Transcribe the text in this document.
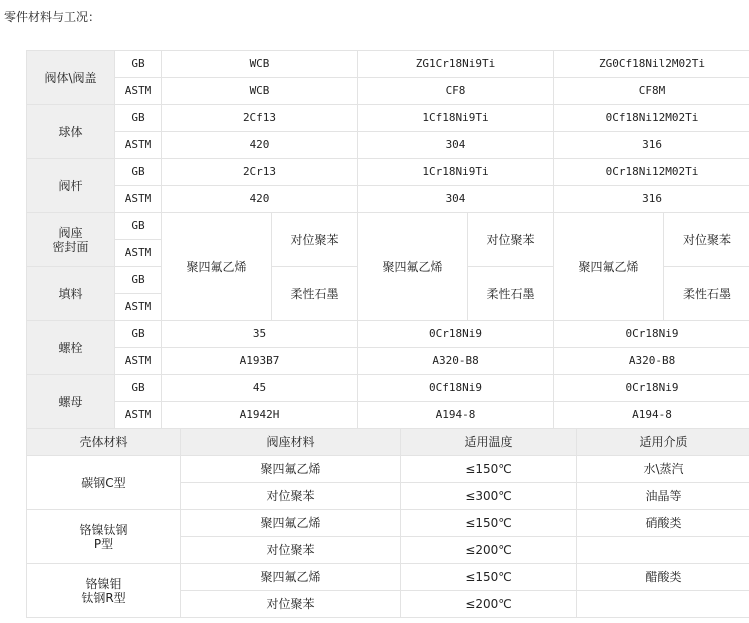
零件材料与工况：
阀体\阀盖	GB	WCB		ZG1Cr18Ni9Ti		ZG0Cf18Nil2M02Ti	
	ASTM	WCB		CF8		CF8M	
球体	GB	2Cf13		1Cf18Ni9Ti		0Cf18Ni12M02Ti	
	ASTM	420		304		316	
阀杆	GB	2Cr13		1Cr18Ni9Ti		0Cr18Ni12M02Ti	
	ASTM	420		304		316	

阀座
密封面	GB	聚四氟乙烯	对位聚苯	聚四氟乙烯	对位聚苯	聚四氟乙烯	对位聚苯
	ASTM						
填料	GB		柔性石墨		柔性石墨		柔性石墨
	ASTM						
螺栓	GB	35		0Cr18Ni9		0Cr18Ni9	
	ASTM	A193B7		A320-B8		A320-B8	
螺母	GB	45		0Cf18Ni9		0Cr18Ni9	
	ASTM	A1942H		A194-8		A194-8	
壳体材料	阀座材料	适用温度	适用介质
碳钢C型	聚四氟乙烯	≤150℃	水\蒸汽
	对位聚苯	≤300℃	油晶等

铬镍钛钢
P型	聚四氟乙烯	≤150℃	硝酸类
	对位聚苯	≤200℃	

铬镍钼
钛钢R型	聚四氟乙烯	≤150℃	醋酸类
	对位聚苯	≤200℃	
